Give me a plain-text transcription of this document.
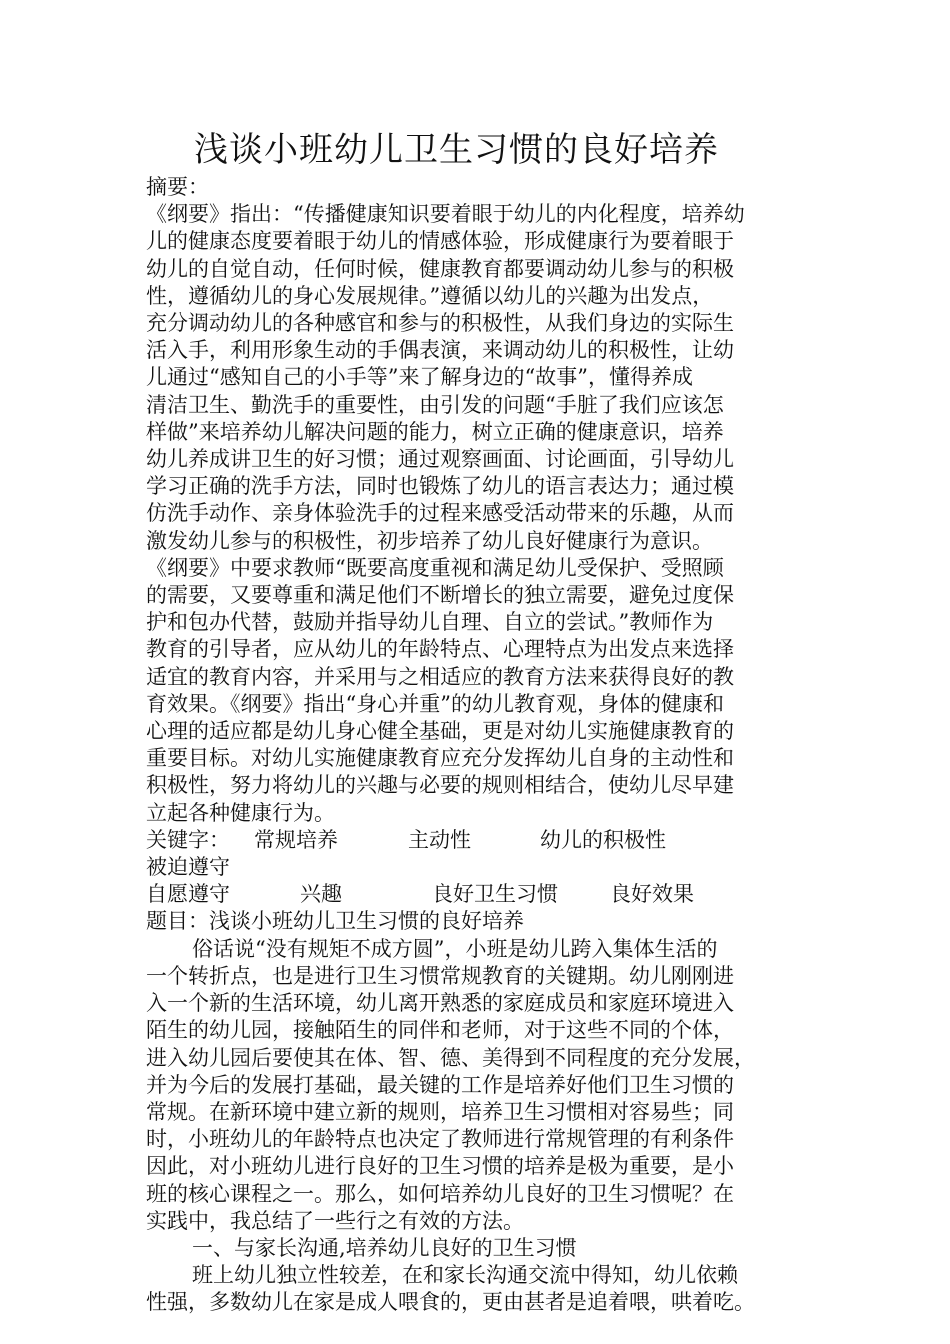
浅谈小班幼儿卫生习惯的良好培养
摘要：
《纲要》指出：“传播健康知识要着眼于幼儿的内化程度，培养幼
儿的健康态度要着眼于幼儿的情感体验，形成健康行为要着眼于
幼儿的自觉自动，任何时候，健康教育都要调动幼儿参与的积极
性，遵循幼儿的身心发展规律。”遵循以幼儿的兴趣为出发点，
充分调动幼儿的各种感官和参与的积极性，从我们身边的实际生
活入手，利用形象生动的手偶表演，来调动幼儿的积极性，让幼
儿通过“感知自己的小手等”来了解身边的“故事”，懂得养成
清洁卫生、勤洗手的重要性，由引发的问题“手脏了我们应该怎
样做”来培养幼儿解决问题的能力，树立正确的健康意识，培养
幼儿养成讲卫生的好习惯；通过观察画面、讨论画面，引导幼儿
学习正确的洗手方法，同时也锻炼了幼儿的语言表达力；通过模
仿洗手动作、亲身体验洗手的过程来感受活动带来的乐趣，从而
激发幼儿参与的积极性，初步培养了幼儿良好健康行为意识。
《纲要》中要求教师“既要高度重视和满足幼儿受保护、受照顾
的需要，又要尊重和满足他们不断增长的独立需要，避免过度保
护和包办代替，鼓励并指导幼儿自理、自立的尝试。”教师作为
教育的引导者，应从幼儿的年龄特点、心理特点为出发点来选择
适宜的教育内容，并采用与之相适应的教育方法来获得良好的教
育效果。《纲要》指出“身心并重”的幼儿教育观，身体的健康和
心理的适应都是幼儿身心健全基础，更是对幼儿实施健康教育的
重要目标。对幼儿实施健康教育应充分发挥幼儿自身的主动性和
积极性，努力将幼儿的兴趣与必要的规则相结合，使幼儿尽早建
立起各种健康行为。
关键字： 常规培养	主动性	幼儿的积极性
被迫遵守
自愿遵守	兴趣	良好卫生习惯 良好效果
题目：浅谈小班幼儿卫生习惯的良好培养
俗话说“没有规矩不成方圆”，小班是幼儿跨入集体生活的
一个转折点，也是进行卫生习惯常规教育的关键期。幼儿刚刚进
入一个新的生活环境，幼儿离开熟悉的家庭成员和家庭环境进入
陌生的幼儿园，接触陌生的同伴和老师，对于这些不同的个体，
进入幼儿园后要使其在体、智、德、美得到不同程度的充分发展，
并为今后的发展打基础，最关键的工作是培养好他们卫生习惯的
常规。在新环境中建立新的规则，培养卫生习惯相对容易些；同
时，小班幼儿的年龄特点也决定了教师进行常规管理的有利条件
因此，对小班幼儿进行良好的卫生习惯的培养是极为重要，是小
班的核心课程之一。那么，如何培养幼儿良好的卫生习惯呢？在
实践中，我总结了一些行之有效的方法。
一、与家长沟通,培养幼儿良好的卫生习惯
班上幼儿独立性较差，在和家长沟通交流中得知，幼儿依赖
性强，多数幼儿在家是成人喂食的，更由甚者是追着喂，哄着吃。
